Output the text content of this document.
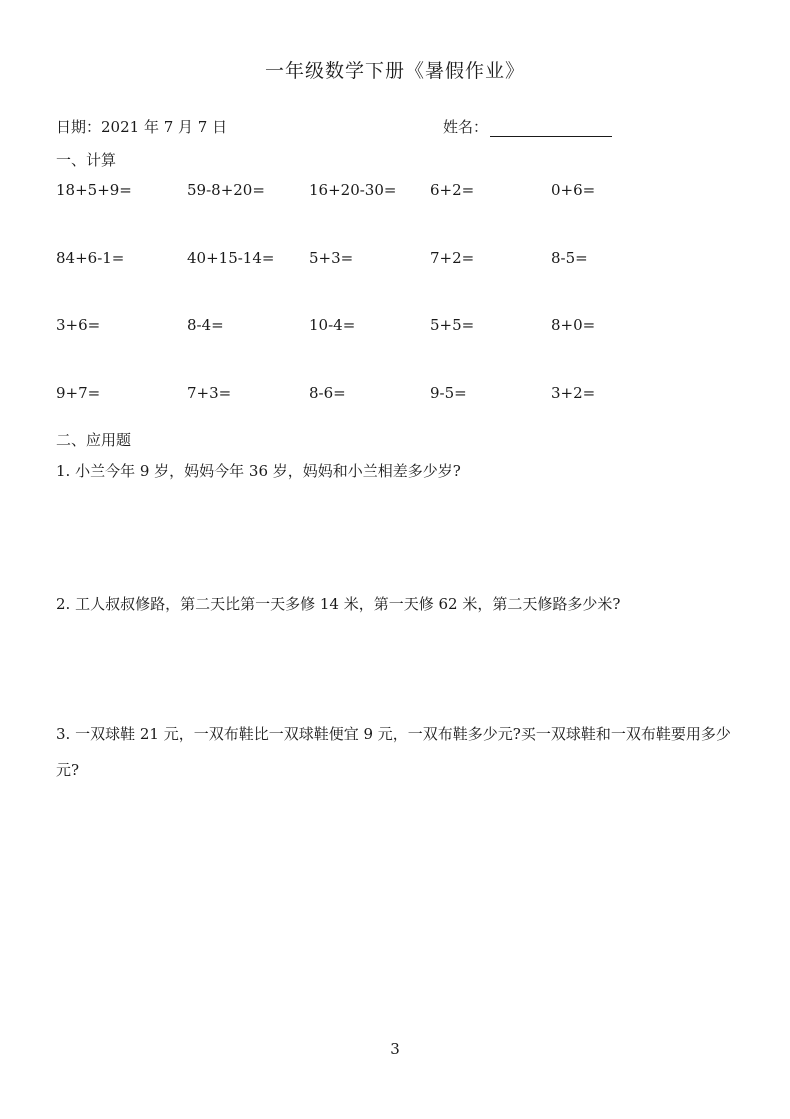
一年级数学下册《暑假作业》
日期：2021 年 7 月 7 日	姓名：
一、计算
18+5+9=	59-8+20=	16+20-30= 6+2=	0+6=
84+6-1=	40+15-14= 5+3=	7+2=	8-5=
3+6=	8-4=	10-4=	5+5=	8+0=
9+7=	7+3=	8-6=	9-5=	3+2=
二、应用题
1. 小兰今年 9 岁，妈妈今年 36 岁，妈妈和小兰相差多少岁?
2. 工人叔叔修路，第二天比第一天多修 14 米，第一天修 62 米，第二天修路多少米?
3. 一双球鞋 21 元，一双布鞋比一双球鞋便宜 9 元，一双布鞋多少元?买一双球鞋和一双布鞋要用多少元?
3
